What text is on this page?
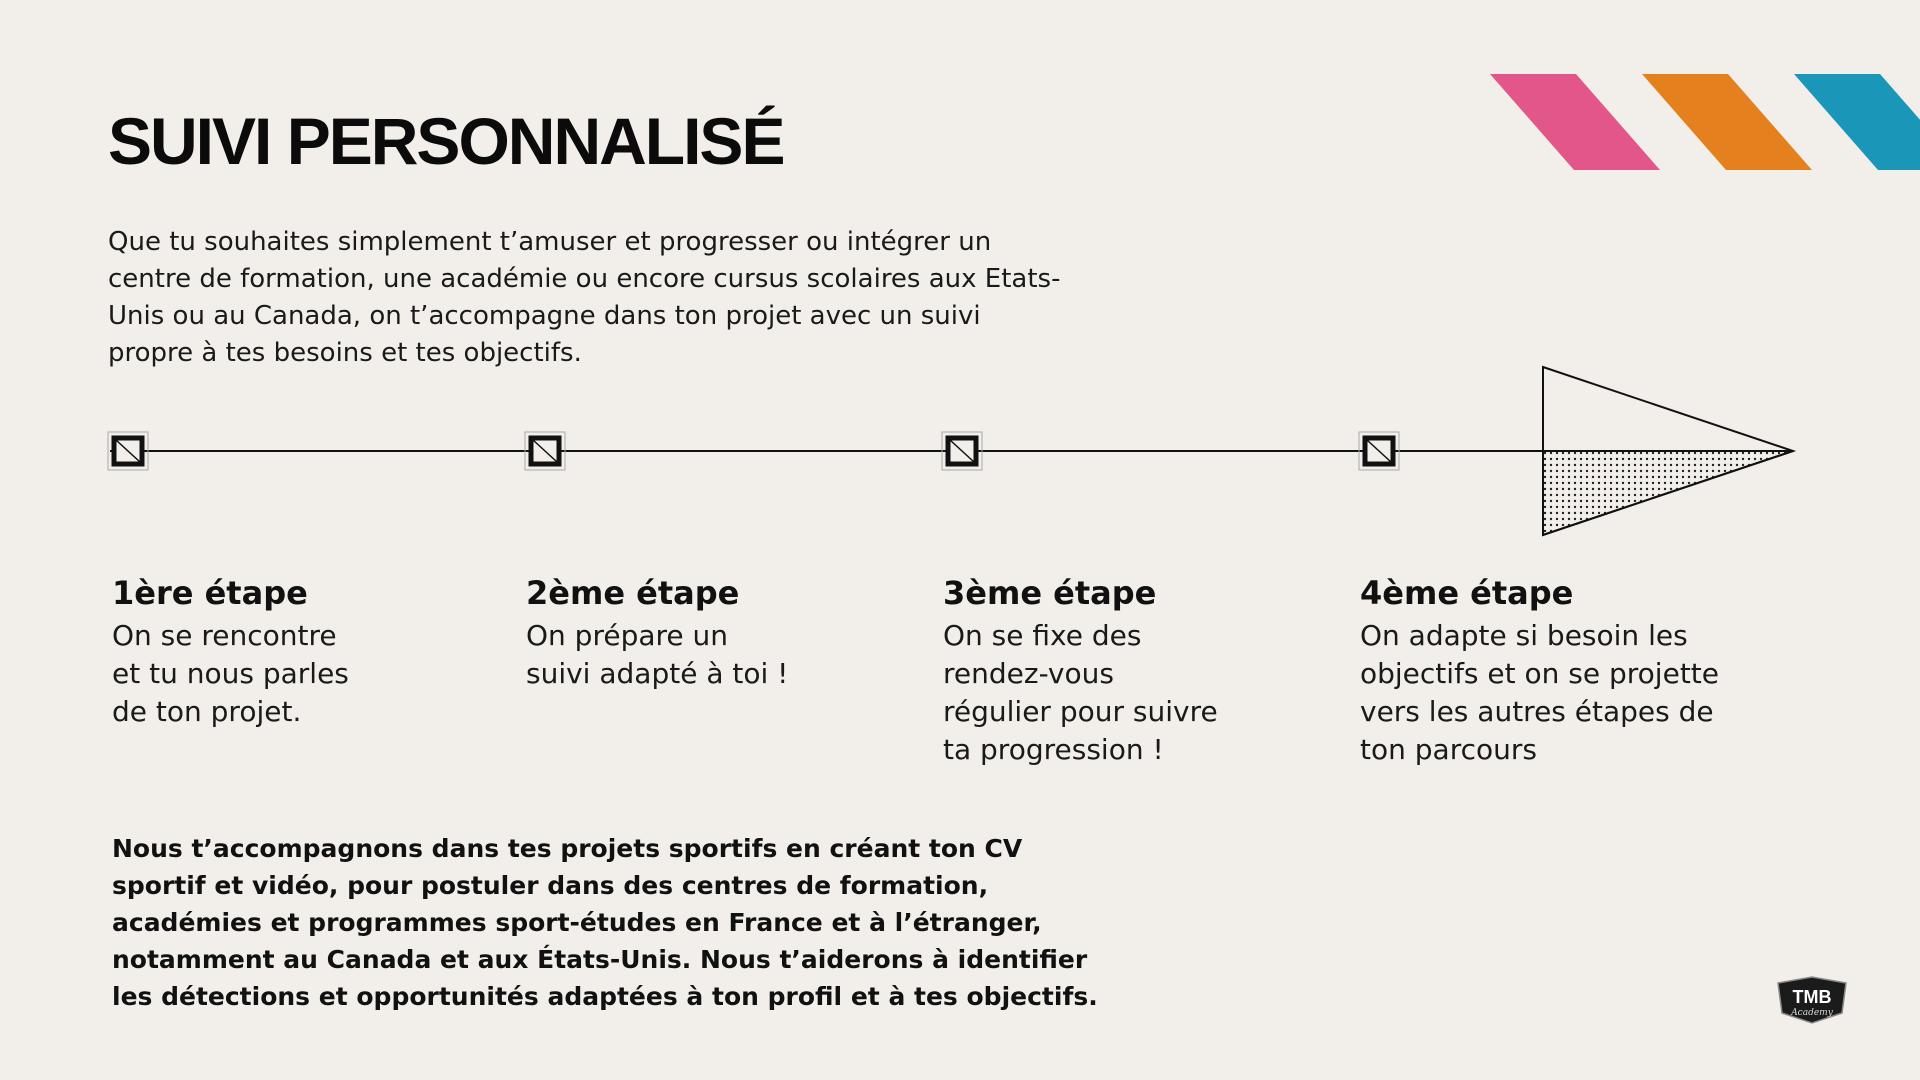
SUIVI PERSONNALISÉ

Que tu souhaites simplement t’amuser et progresser ou intégrer un centre de formation, une académie ou encore cursus scolaires aux Etats-Unis ou au Canada, on t’accompagne dans ton projet avec un suivi propre à tes besoins et tes objectifs.

1ère étape

On se rencontre
et tu nous parles
de ton projet.

2ème étape

On prépare un
suivi adapté à toi !

3ème étape

On se fixe des
rendez-vous
régulier pour suivre
ta progression !

4ème étape

On adapte si besoin les
objectifs et on se projette
vers les autres étapes de
ton parcours

Nous t’accompagnons dans tes projets sportifs en créant ton CV sportif et vidéo, pour postuler dans des centres de formation, académies et programmes sport-études en France et à l’étranger, notamment au Canada et aux États-Unis. Nous t’aiderons à identifier les détections et opportunités adaptées à ton profil et à tes objectifs.	TMB
Academy
